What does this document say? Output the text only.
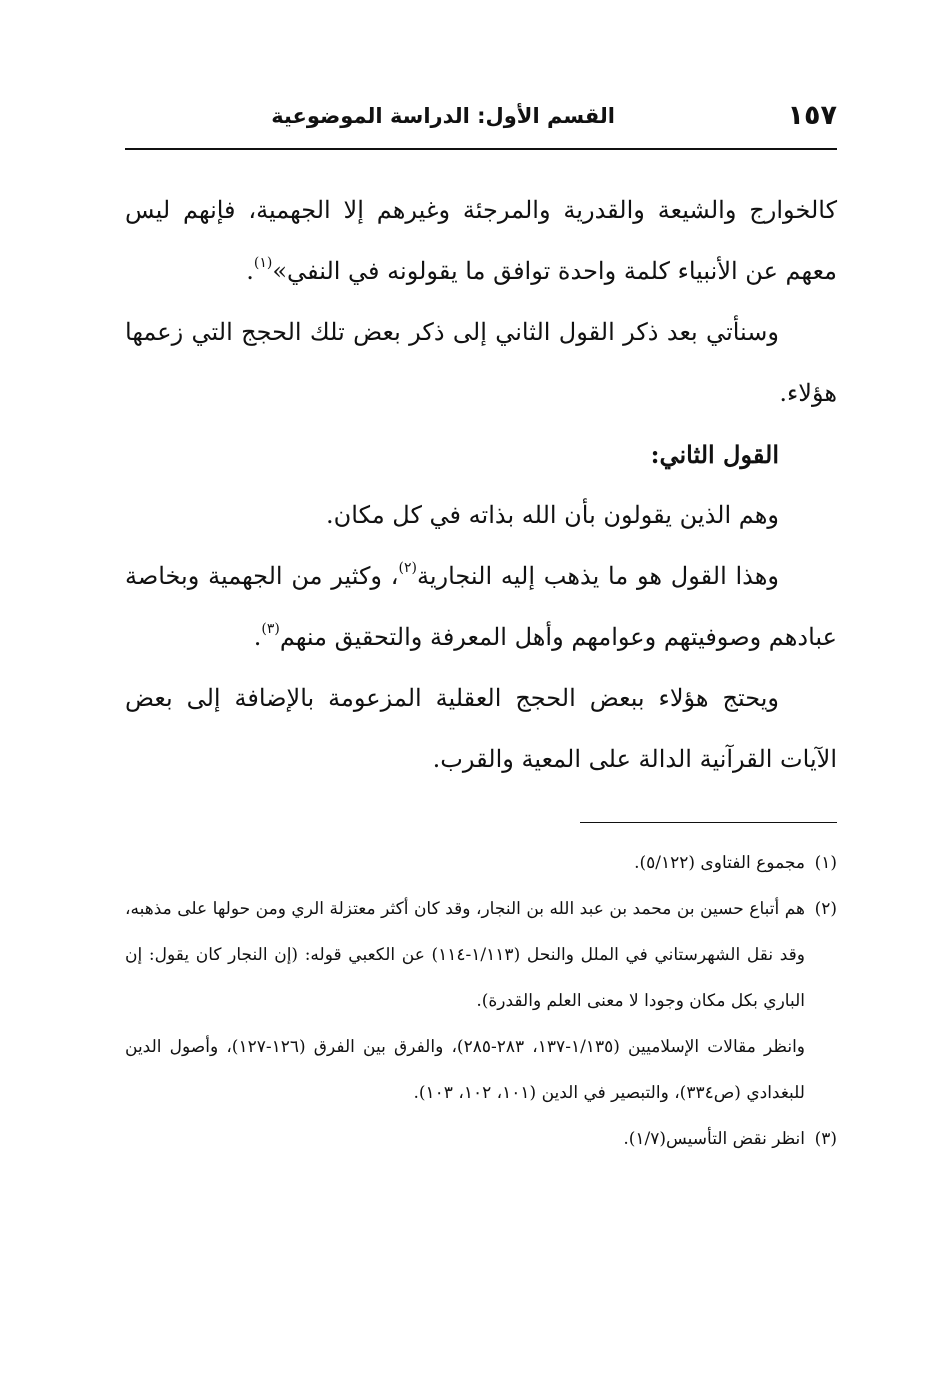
١٥٧
القسم الأول: الدراسة الموضوعية

كالخوارج والشيعة والقدرية والمرجئة وغيرهم إلا الجهمية، فإنهم ليس معهم عن الأنبياء كلمة واحدة توافق ما يقولونه في النفي»$^{(١)}$.

وسنأتي بعد ذكر القول الثاني إلى ذكر بعض تلك الحجج التي زعمها هؤلاء.

القول الثاني:

وهم الذين يقولون بأن الله بذاته في كل مكان.

وهذا القول هو ما يذهب إليه النجارية$^{(٢)}$، وكثير من الجهمية وبخاصة عبادهم وصوفيتهم وعوامهم وأهل المعرفة والتحقيق منهم$^{(٣)}$.

ويحتج هؤلاء ببعض الحجج العقلية المزعومة بالإضافة إلى بعض الآيات القرآنية الدالة على المعية والقرب.

(١)
مجموع الفتاوى (٥/١٢٢).

(٢)
هم أتباع حسين بن محمد بن عبد الله بن النجار، وقد كان أكثر معتزلة الري ومن حولها على مذهبه، وقد نقل الشهرستاني في الملل والنحل (١/١١٣-١١٤) عن الكعبي قوله: (إن النجار كان يقول: إن الباري بكل مكان وجودا لا معنى العلم والقدرة).

وانظر مقالات الإسلاميين (١/١٣٥-١٣٧، ٢٨٣-٢٨٥)، والفرق بين الفرق (١٢٦-١٢٧)، وأصول الدين للبغدادي (ص٣٣٤)، والتبصير في الدين (١٠١، ١٠٢، ١٠٣).

(٣)
انظر نقض التأسيس(١/٧).
